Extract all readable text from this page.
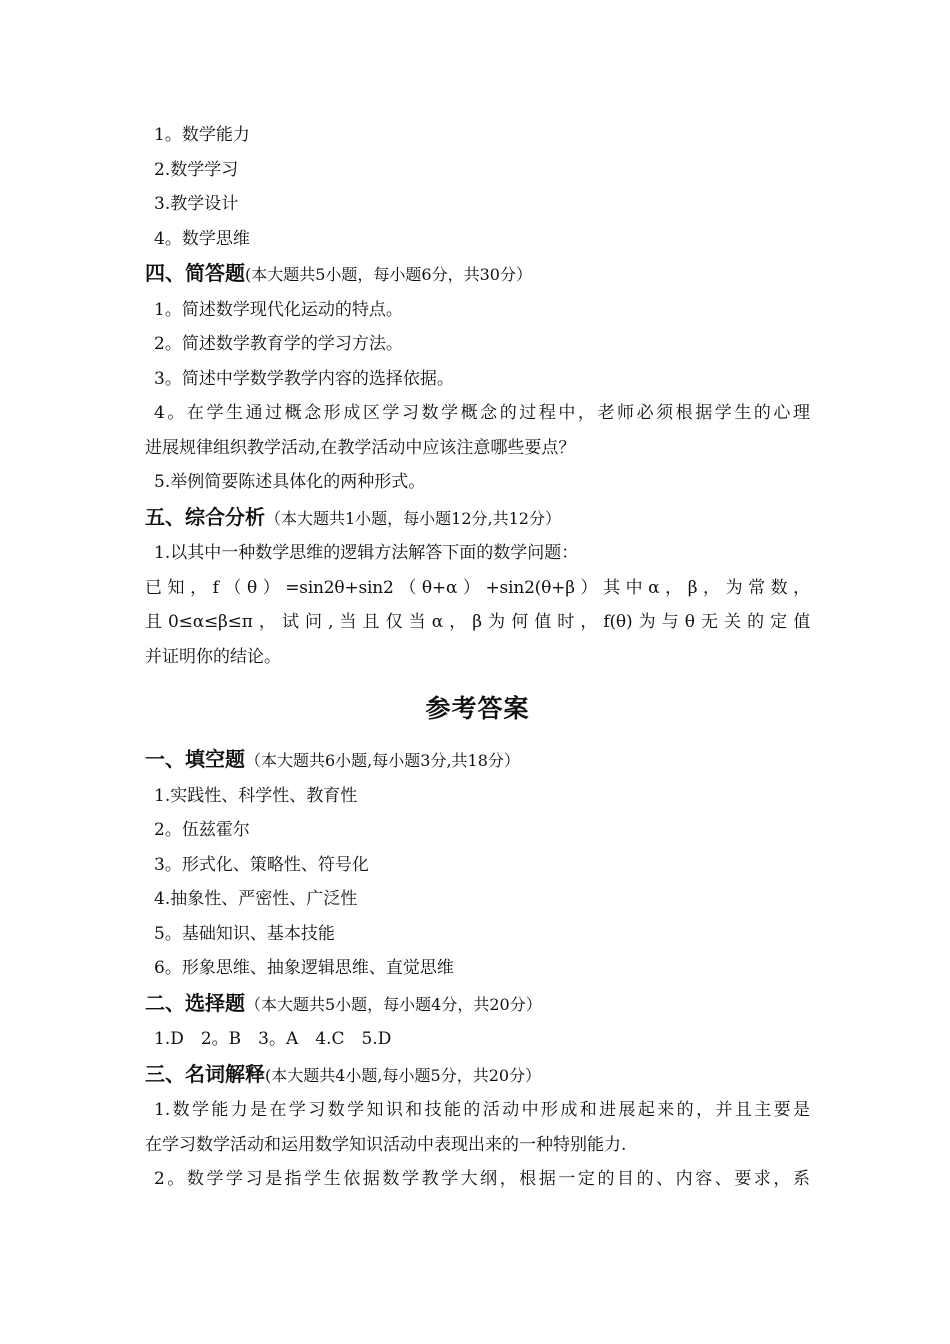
1。数学能力

2.数学学习

3.教学设计

4。数学思维

四、简答题(本大题共5小题，每小题6分，共30分）

1。简述数学现代化运动的特点。

2。简述数学教育学的学习方法。

3。简述中学数学教学内容的选择依据。

4。在学生通过概念形成区学习数学概念的过程中，老师必须根据学生的心理

进展规律组织教学活动,在教学活动中应该注意哪些要点？

5.举例简要陈述具体化的两种形式。

五、综合分析（本大题共1小题，每小题12分,共12分）

1.以其中一种数学思维的逻辑方法解答下面的数学问题：

已知，f（θ）=sin2θ+sin2（θ+α）+sin2(θ+β）其中α，β，为常数，

且0≤α≤β≤π，试问,当且仅当α，β为何值时，f(θ)为与θ无关的定值

并证明你的结论。

参考答案

一、填空题（本大题共6小题,每小题3分,共18分）

1.实践性、科学性、教育性

2。伍兹霍尔

3。形式化、策略性、符号化

4.抽象性、严密性、广泛性

5。基础知识、基本技能

6。形象思维、抽象逻辑思维、直觉思维

二、选择题（本大题共5小题，每小题4分，共20分）

1.D　2。B　3。A　4.C　5.D

三、名词解释(本大题共4小题,每小题5分，共20分）

1.数学能力是在学习数学知识和技能的活动中形成和进展起来的，并且主要是

在学习数学活动和运用数学知识活动中表现出来的一种特别能力.

2。数学学习是指学生依据数学教学大纲，根据一定的目的、内容、要求，系
